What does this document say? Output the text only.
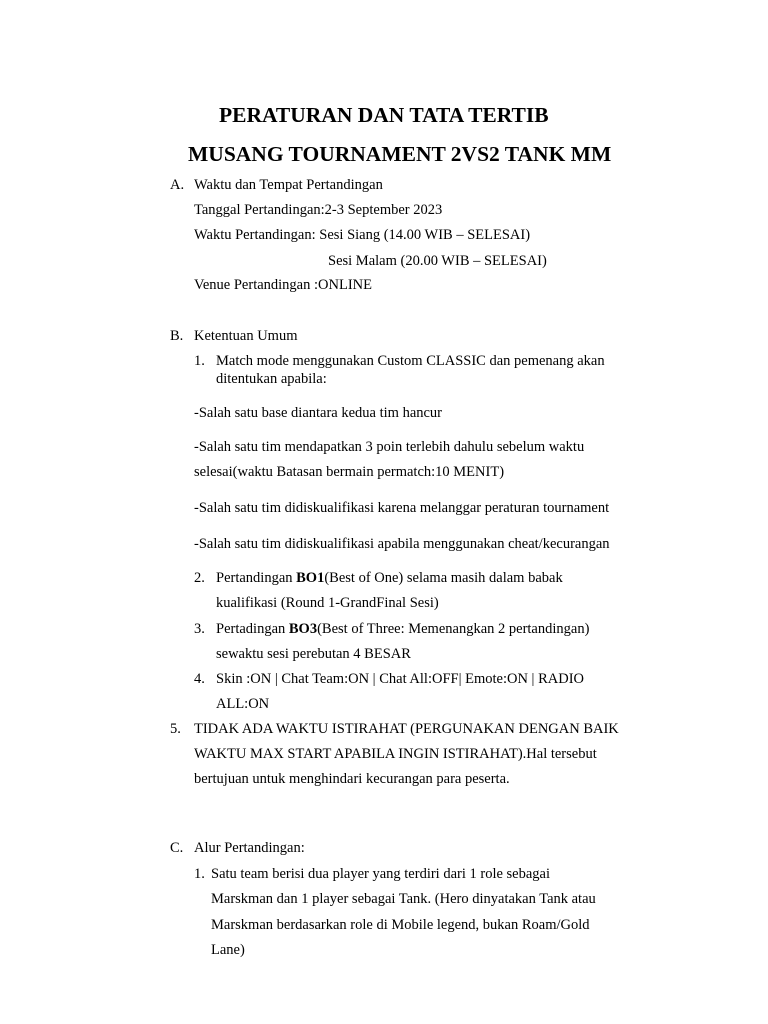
PERATURAN DAN TATA TERTIB
MUSANG TOURNAMENT 2VS2 TANK MM
A. Waktu dan Tempat Pertandingan
Tanggal Pertandingan:2-3 September 2023
Waktu Pertandingan: Sesi Siang (14.00 WIB – SELESAI)
Sesi Malam (20.00 WIB – SELESAI)
Venue Pertandingan :ONLINE
B. Ketentuan Umum
1. Match mode menggunakan Custom CLASSIC dan pemenang akan
ditentukan apabila:
-Salah satu base diantara kedua tim hancur
-Salah satu tim mendapatkan 3 poin terlebih dahulu sebelum waktu
selesai(waktu Batasan bermain permatch:10 MENIT)
-Salah satu tim didiskualifikasi karena melanggar peraturan tournament
-Salah satu tim didiskualifikasi apabila menggunakan cheat/kecurangan
2. Pertandingan BO1(Best of One) selama masih dalam babak
kualifikasi (Round 1-GrandFinal Sesi)
3. Pertadingan BO3(Best of Three: Memenangkan 2 pertandingan)
sewaktu sesi perebutan 4 BESAR
4. Skin :ON | Chat Team:ON | Chat All:OFF| Emote:ON | RADIO
ALL:ON
5. TIDAK ADA WAKTU ISTIRAHAT (PERGUNAKAN DENGAN BAIK
WAKTU MAX START APABILA INGIN ISTIRAHAT).Hal tersebut
bertujuan untuk menghindari kecurangan para peserta.
C. Alur Pertandingan:
1. Satu team berisi dua player yang terdiri dari 1 role sebagai
Marskman dan 1 player sebagai Tank. (Hero dinyatakan Tank atau
Marskman berdasarkan role di Mobile legend, bukan Roam/Gold
Lane)
